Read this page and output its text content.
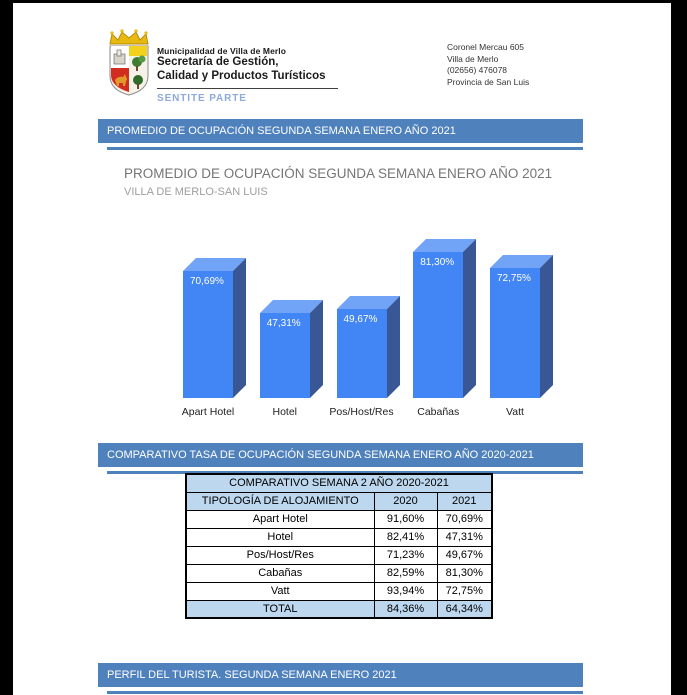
Municipalidad de Villa de Merlo
Secretaría de Gestión,
Calidad y Productos Turísticos
SENTITE PARTE
Coronel Mercau 605
Villa de Merlo
(02656) 476078
Provincia de San Luis
PROMEDIO DE OCUPACIÓN SEGUNDA SEMANA ENERO AÑO 2021
PROMEDIO DE OCUPACIÓN SEGUNDA SEMANA ENERO AÑO 2021
VILLA DE MERLO-SAN LUIS
70,69%
Apart Hotel
47,31%
Hotel
49,67%
Pos/Host/Res
81,30%
Cabañas
72,75%
Vatt
COMPARATIVO TASA DE OCUPACIÓN SEGUNDA SEMANA ENERO AÑO 2020-2021
COMPARATIVO SEMANA 2 AÑO 2020-2021		
TIPOLOGÍA DE ALOJAMIENTO	2020	2021
Apart Hotel	91,60%	70,69%
Hotel	82,41%	47,31%
Pos/Host/Res	71,23%	49,67%
Cabañas	82,59%	81,30%
Vatt	93,94%	72,75%
TOTAL	84,36%	64,34%
PERFIL DEL TURISTA. SEGUNDA SEMANA ENERO 2021
